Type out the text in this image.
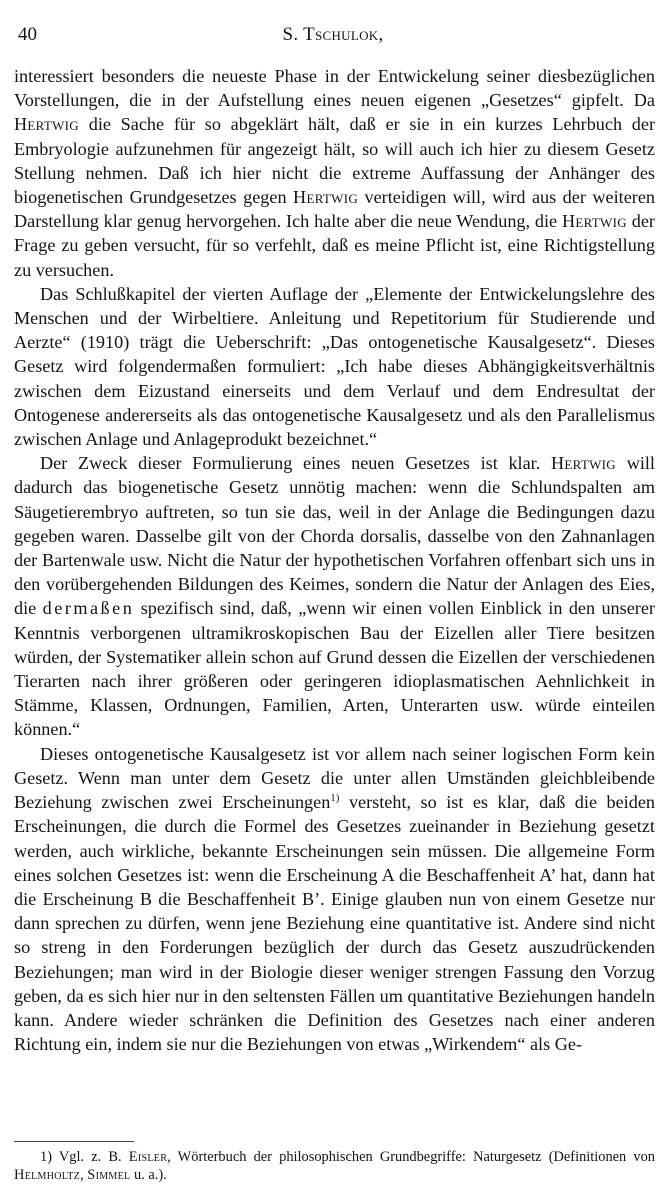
40	S. Tschulok,

interessiert besonders die neueste Phase in der Entwickelung seiner diesbezüglichen Vorstellungen, die in der Aufstellung eines neuen eigenen „Gesetzes“ gipfelt. Da Hertwig die Sache für so abgeklärt hält, daß er sie in ein kurzes Lehrbuch der Embryologie aufzunehmen für angezeigt hält, so will auch ich hier zu diesem Gesetz Stellung nehmen. Daß ich hier nicht die extreme Auffassung der Anhänger des biogenetischen Grundgesetzes gegen Hertwig verteidigen will, wird aus der weiteren Darstellung klar genug hervorgehen. Ich halte aber die neue Wendung, die Hertwig der Frage zu geben versucht, für so verfehlt, daß es meine Pflicht ist, eine Richtigstellung zu versuchen.

Das Schlußkapitel der vierten Auflage der „Elemente der Entwickelungslehre des Menschen und der Wirbeltiere. Anleitung und Repetitorium für Studierende und Aerzte“ (1910) trägt die Ueberschrift: „Das ontogenetische Kausalgesetz“. Dieses Gesetz wird folgendermaßen formuliert: „Ich habe dieses Abhängigkeitsverhältnis zwischen dem Eizustand einerseits und dem Verlauf und dem Endresultat der Ontogenese andererseits als das ontogenetische Kausalgesetz und als den Parallelismus zwischen Anlage und Anlageprodukt bezeichnet.“

Der Zweck dieser Formulierung eines neuen Gesetzes ist klar. Hertwig will dadurch das biogenetische Gesetz unnötig machen: wenn die Schlundspalten am Säugetierembryo auftreten, so tun sie das, weil in der Anlage die Bedingungen dazu gegeben waren. Dasselbe gilt von der Chorda dorsalis, dasselbe von den Zahnanlagen der Bartenwale usw. Nicht die Natur der hypothetischen Vorfahren offenbart sich uns in den vorübergehenden Bildungen des Keimes, sondern die Natur der Anlagen des Eies, die dermaßen spezifisch sind, daß, „wenn wir einen vollen Einblick in den unserer Kenntnis verborgenen ultramikroskopischen Bau der Eizellen aller Tiere besitzen würden, der Systematiker allein schon auf Grund dessen die Eizellen der verschiedenen Tierarten nach ihrer größeren oder geringeren idioplasmatischen Aehnlichkeit in Stämme, Klassen, Ordnungen, Familien, Arten, Unterarten usw. würde einteilen können.“

Dieses ontogenetische Kausalgesetz ist vor allem nach seiner logischen Form kein Gesetz. Wenn man unter dem Gesetz die unter allen Umständen gleichbleibende Beziehung zwischen zwei Erscheinungen$^{1)}$ versteht, so ist es klar, daß die beiden Erscheinungen, die durch die Formel des Gesetzes zueinander in Beziehung gesetzt werden, auch wirkliche, bekannte Erscheinungen sein müssen. Die allgemeine Form eines solchen Gesetzes ist: wenn die Erscheinung A die Beschaffenheit A’ hat, dann hat die Erscheinung B die Beschaffenheit B’. Einige glauben nun von einem Gesetze nur dann sprechen zu dürfen, wenn jene Beziehung eine quantitative ist. Andere sind nicht so streng in den Forderungen bezüglich der durch das Gesetz auszudrückenden Beziehungen; man wird in der Biologie dieser weniger strengen Fassung den Vorzug geben, da es sich hier nur in den seltensten Fällen um quantitative Beziehungen handeln kann. Andere wieder schränken die Definition des Gesetzes nach einer anderen Richtung ein, indem sie nur die Beziehungen von etwas „Wirkendem“ als Ge-

1) Vgl. z. B. Eisler, Wörterbuch der philosophischen Grundbegriffe: Naturgesetz (Definitionen von Helmholtz, Simmel u. a.).
